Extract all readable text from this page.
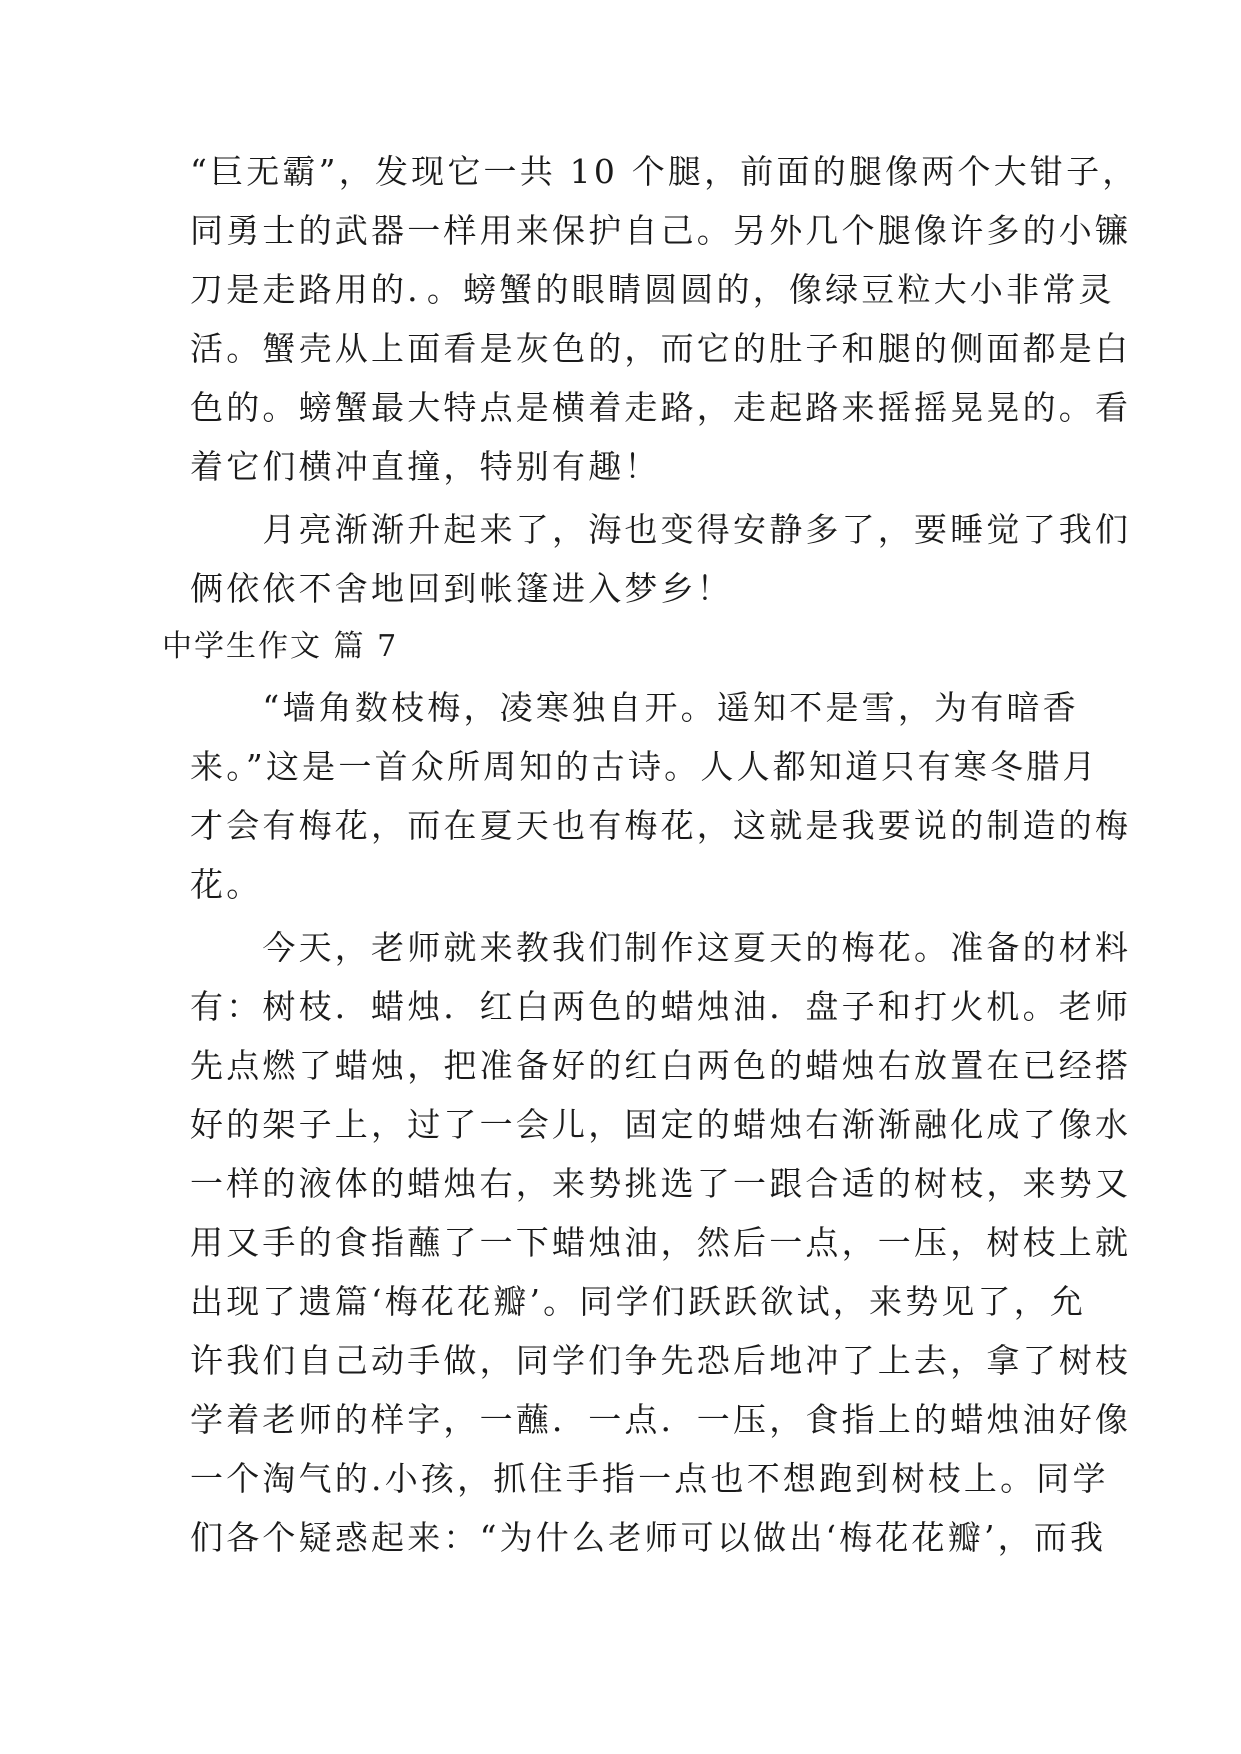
“巨无霸”，发现它一共 10 个腿，前面的腿像两个大钳子，
同勇士的武器一样用来保护自己。另外几个腿像许多的小镰
刀是走路用的．。螃蟹的眼睛圆圆的，像绿豆粒大小非常灵
活。蟹壳从上面看是灰色的，而它的肚子和腿的侧面都是白
色的。螃蟹最大特点是横着走路，走起路来摇摇晃晃的。看
着它们横冲直撞，特别有趣！
　　月亮渐渐升起来了，海也变得安静多了，要睡觉了我们
俩依依不舍地回到帐篷进入梦乡！
中学生作文 篇 7
　　“墙角数枝梅，凌寒独自开。遥知不是雪，为有暗香
来。”这是一首众所周知的古诗。人人都知道只有寒冬腊月
才会有梅花，而在夏天也有梅花，这就是我要说的制造的梅
花。
　　今天，老师就来教我们制作这夏天的梅花。准备的材料
有：树枝．蜡烛．红白两色的蜡烛油．盘子和打火机。老师
先点燃了蜡烛，把准备好的红白两色的蜡烛右放置在已经搭
好的架子上，过了一会儿，固定的蜡烛右渐渐融化成了像水
一样的液体的蜡烛右，来势挑选了一跟合适的树枝，来势又
用又手的食指蘸了一下蜡烛油，然后一点，一压，树枝上就
出现了遗篇‘梅花花瓣’。同学们跃跃欲试，来势见了，允
许我们自己动手做，同学们争先恐后地冲了上去，拿了树枝
学着老师的样字，一蘸．一点．一压，食指上的蜡烛油好像
一个淘气的.小孩，抓住手指一点也不想跑到树枝上。同学
们各个疑惑起来：“为什么老师可以做出‘梅花花瓣’，而我
